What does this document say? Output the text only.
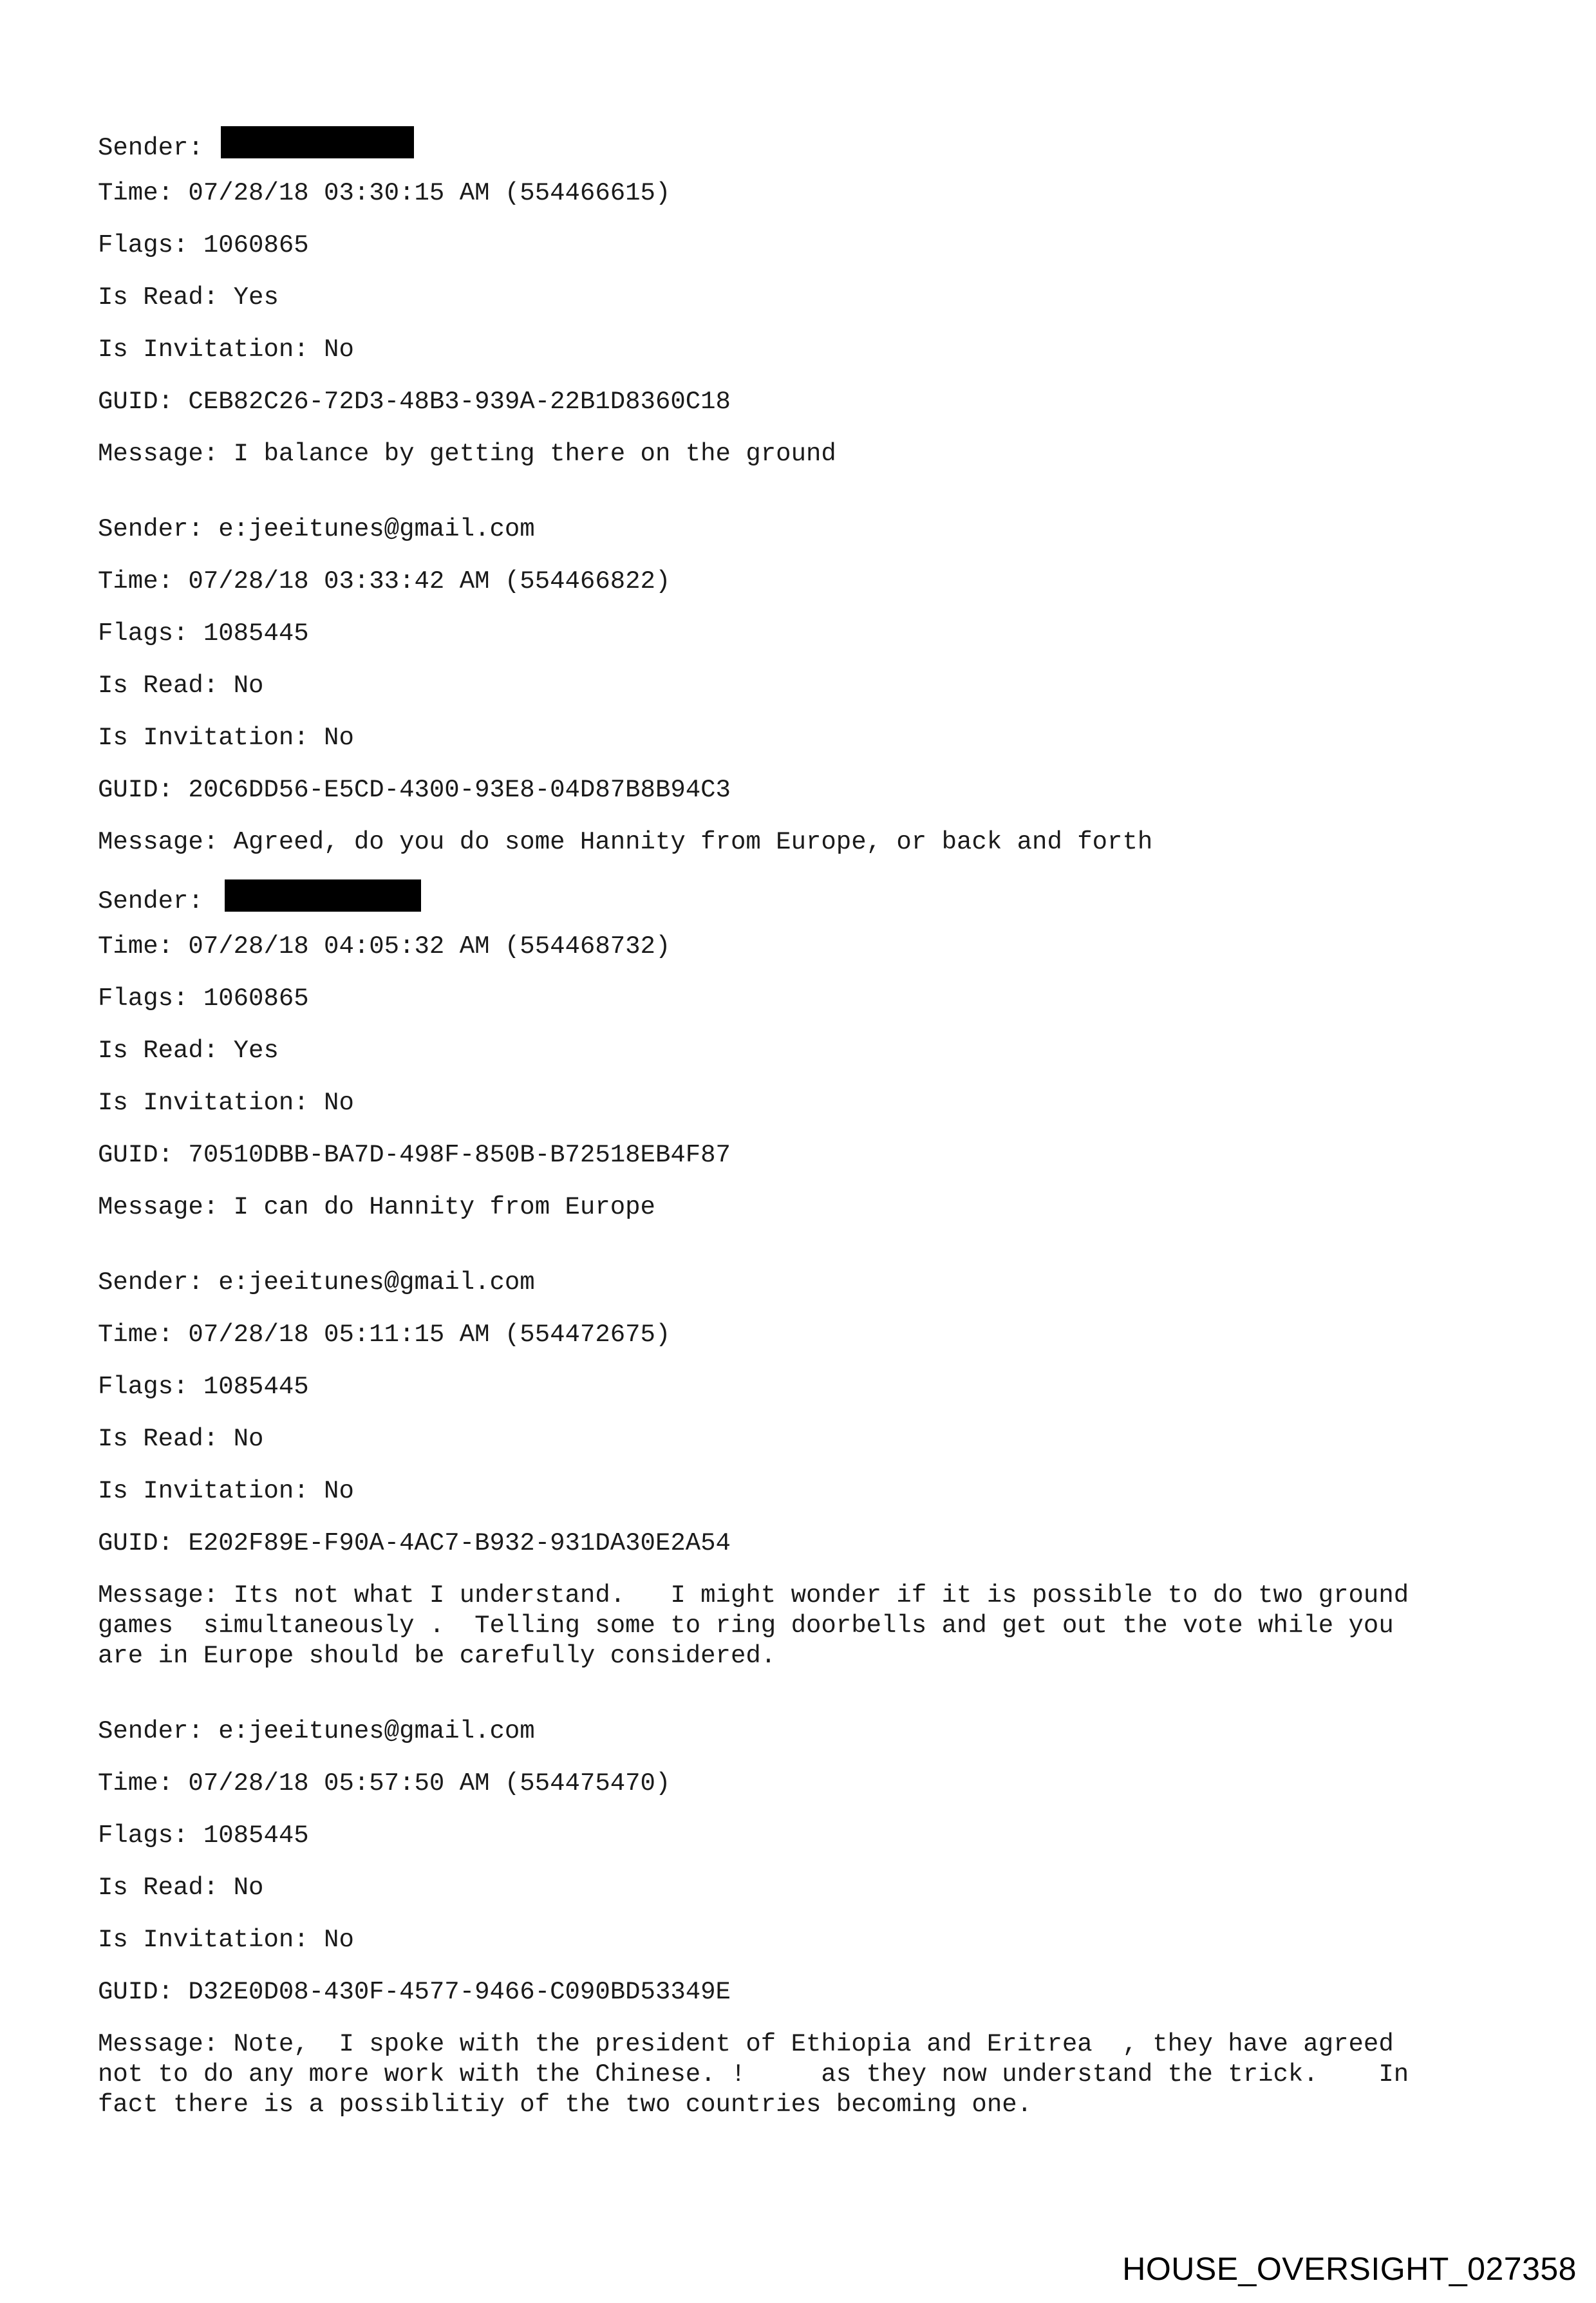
Sender:
Time: 07/28/18 03:30:15 AM (554466615)
Flags: 1060865
Is Read: Yes
Is Invitation: No
GUID: CEB82C26-72D3-48B3-939A-22B1D8360C18
Message: I balance by getting there on the ground
Sender: e:jeeitunes@gmail.com
Time: 07/28/18 03:33:42 AM (554466822)
Flags: 1085445
Is Read: No
Is Invitation: No
GUID: 20C6DD56-E5CD-4300-93E8-04D87B8B94C3
Message: Agreed, do you do some Hannity from Europe, or back and forth
Sender:
Time: 07/28/18 04:05:32 AM (554468732)
Flags: 1060865
Is Read: Yes
Is Invitation: No
GUID: 70510DBB-BA7D-498F-850B-B72518EB4F87
Message: I can do Hannity from Europe
Sender: e:jeeitunes@gmail.com
Time: 07/28/18 05:11:15 AM (554472675)
Flags: 1085445
Is Read: No
Is Invitation: No
GUID: E202F89E-F90A-4AC7-B932-931DA30E2A54
Message: Its not what I understand.   I might wonder if it is possible to do two ground
games  simultaneously .  Telling some to ring doorbells and get out the vote while you
are in Europe should be carefully considered.
Sender: e:jeeitunes@gmail.com
Time: 07/28/18 05:57:50 AM (554475470)
Flags: 1085445
Is Read: No
Is Invitation: No
GUID: D32E0D08-430F-4577-9466-C090BD53349E
Message: Note,  I spoke with the president of Ethiopia and Eritrea  , they have agreed
not to do any more work with the Chinese. !     as they now understand the trick.    In
fact there is a possiblitiy of the two countries becoming one.
HOUSE_OVERSIGHT_027358
